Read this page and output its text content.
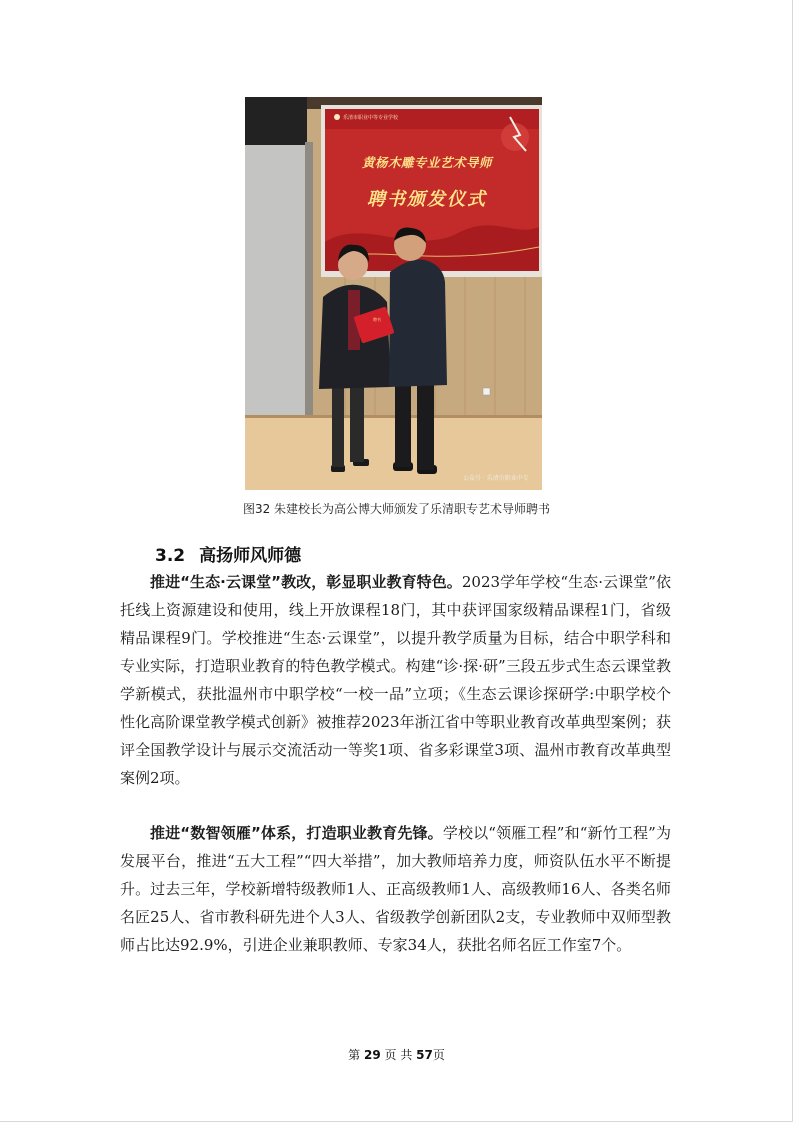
乐清市职业中等专业学校
黄杨木雕专业艺术导师
聘书颁发仪式
聘书
公众号 · 乐清市职业中专
图32 朱建校长为高公博大师颁发了乐清职专艺术导师聘书
3.2 高扬师风师德

推进“生态·云课堂”教改，彰显职业教育特色。2023学年学校“生态·云课堂”依托线上资源建设和使用，线上开放课程18门，其中获评国家级精品课程1门，省级精品课程9门。学校推进“生态·云课堂”，以提升教学质量为目标，结合中职学科和专业实际，打造职业教育的特色教学模式。构建“诊·探·研”三段五步式生态云课堂教学新模式，获批温州市中职学校“一校一品”立项；《生态云课诊探研学:中职学校个性化高阶课堂教学模式创新》被推荐2023年浙江省中等职业教育改革典型案例；获评全国教学设计与展示交流活动一等奖1项、省多彩课堂3项、温州市教育改革典型案例2项。

推进“数智领雁”体系，打造职业教育先锋。学校以“领雁工程”和“新竹工程”为发展平台，推进“五大工程”“四大举措”，加大教师培养力度，师资队伍水平不断提升。过去三年，学校新增特级教师1人、正高级教师1人、高级教师16人、各类名师名匠25人、省市教科研先进个人3人、省级教学创新团队2支，专业教师中双师型教师占比达92.9%，引进企业兼职教师、专家34人，获批名师名匠工作室7个。

第 29 页 共 57页
